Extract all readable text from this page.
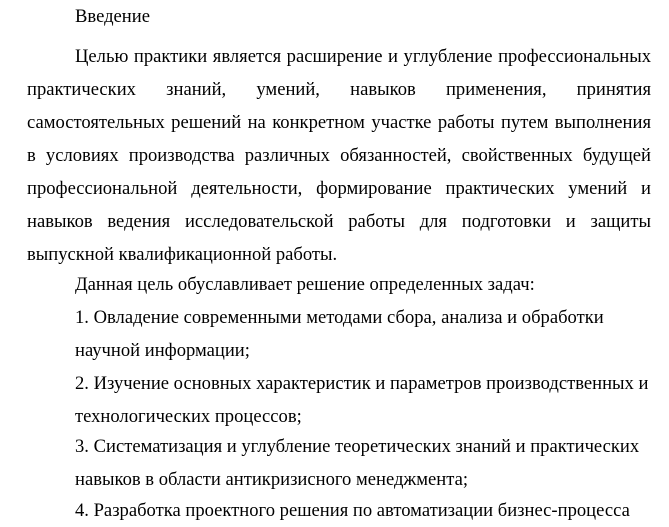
Введение

Целью практики является расширение и углубление профессиональных практических знаний, умений, навыков применения, принятия самостоятельных решений на конкретном участке работы путем выполнения в условиях производства различных обязанностей, свойственных будущей профессиональной деятельности, формирование практических умений и навыков ведения исследовательской работы для подготовки и защиты выпускной квалификационной работы.

Данная цель обуславливает решение определенных задач:
1. Овладение современными методами сбора, анализа и обработки
научной информации;
2. Изучение основных характеристик и параметров производственных и
технологических процессов;
3. Систематизация и углубление теоретических знаний и практических
навыков в области антикризисного менеджмента;
4. Разработка проектного решения по автоматизации бизнес-процесса
